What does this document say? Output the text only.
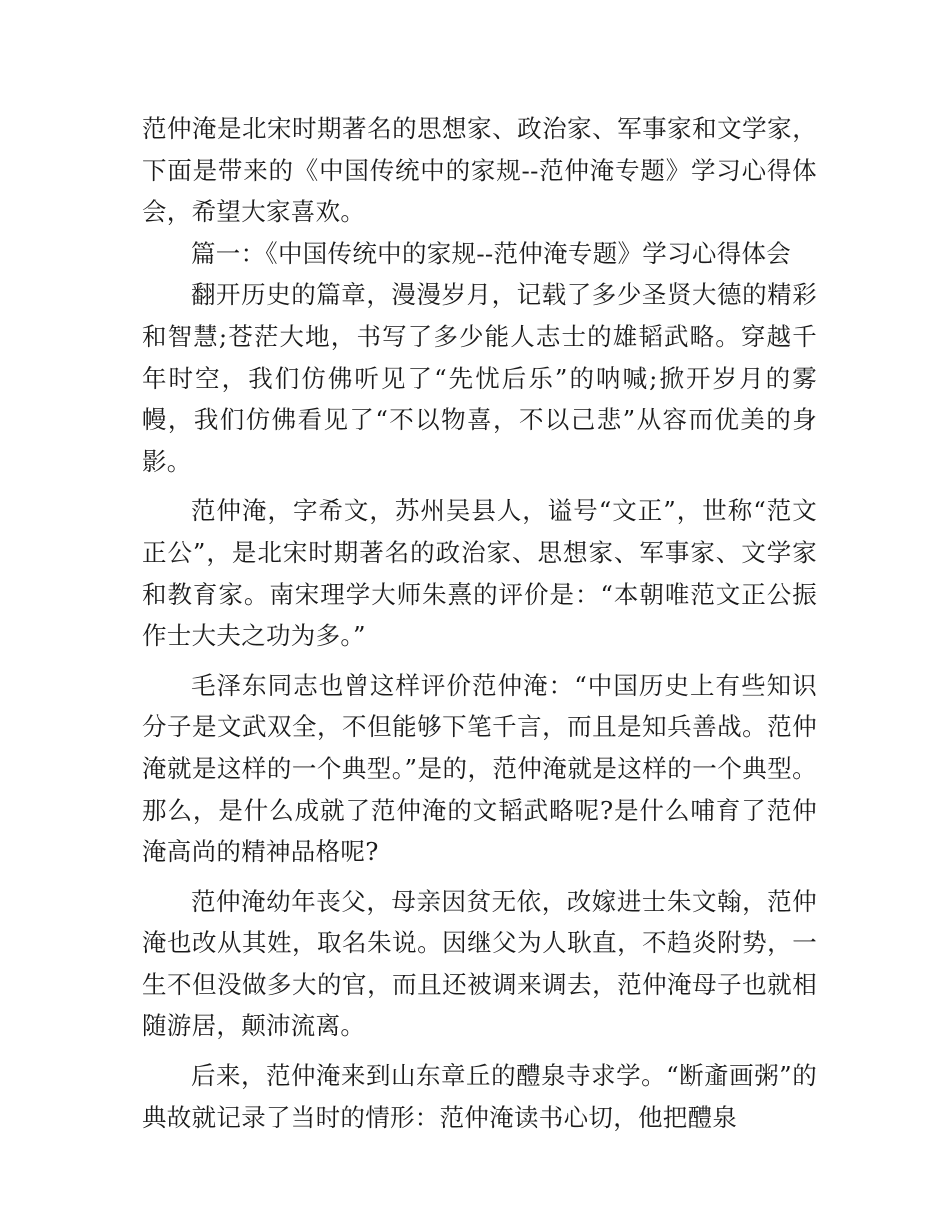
范仲淹是北宋时期著名的思想家、政治家、军事家和文学家，下面是带来的《中国传统中的家规--范仲淹专题》学习心得体会，希望大家喜欢。

篇一：《中国传统中的家规--范仲淹专题》学习心得体会

翻开历史的篇章，漫漫岁月，记载了多少圣贤大德的精彩和智慧;苍茫大地，书写了多少能人志士的雄韬武略。穿越千年时空，我们仿佛听见了“先忧后乐”的呐喊;掀开岁月的雾幔，我们仿佛看见了“不以物喜，不以己悲”从容而优美的身影。

范仲淹，字希文，苏州吴县人，谥号“文正”，世称“范文正公”，是北宋时期著名的政治家、思想家、军事家、文学家和教育家。南宋理学大师朱熹的评价是：“本朝唯范文正公振作士大夫之功为多。”

毛泽东同志也曾这样评价范仲淹：“中国历史上有些知识分子是文武双全，不但能够下笔千言，而且是知兵善战。范仲淹就是这样的一个典型。”是的，范仲淹就是这样的一个典型。那么，是什么成就了范仲淹的文韬武略呢?是什么哺育了范仲淹高尚的精神品格呢?

范仲淹幼年丧父，母亲因贫无依，改嫁进士朱文翰，范仲淹也改从其姓，取名朱说。因继父为人耿直，不趋炎附势，一生不但没做多大的官，而且还被调来调去，范仲淹母子也就相随游居，颠沛流离。

后来，范仲淹来到山东章丘的醴泉寺求学。“断齑画粥”的典故就记录了当时的情形：范仲淹读书心切，他把醴泉
